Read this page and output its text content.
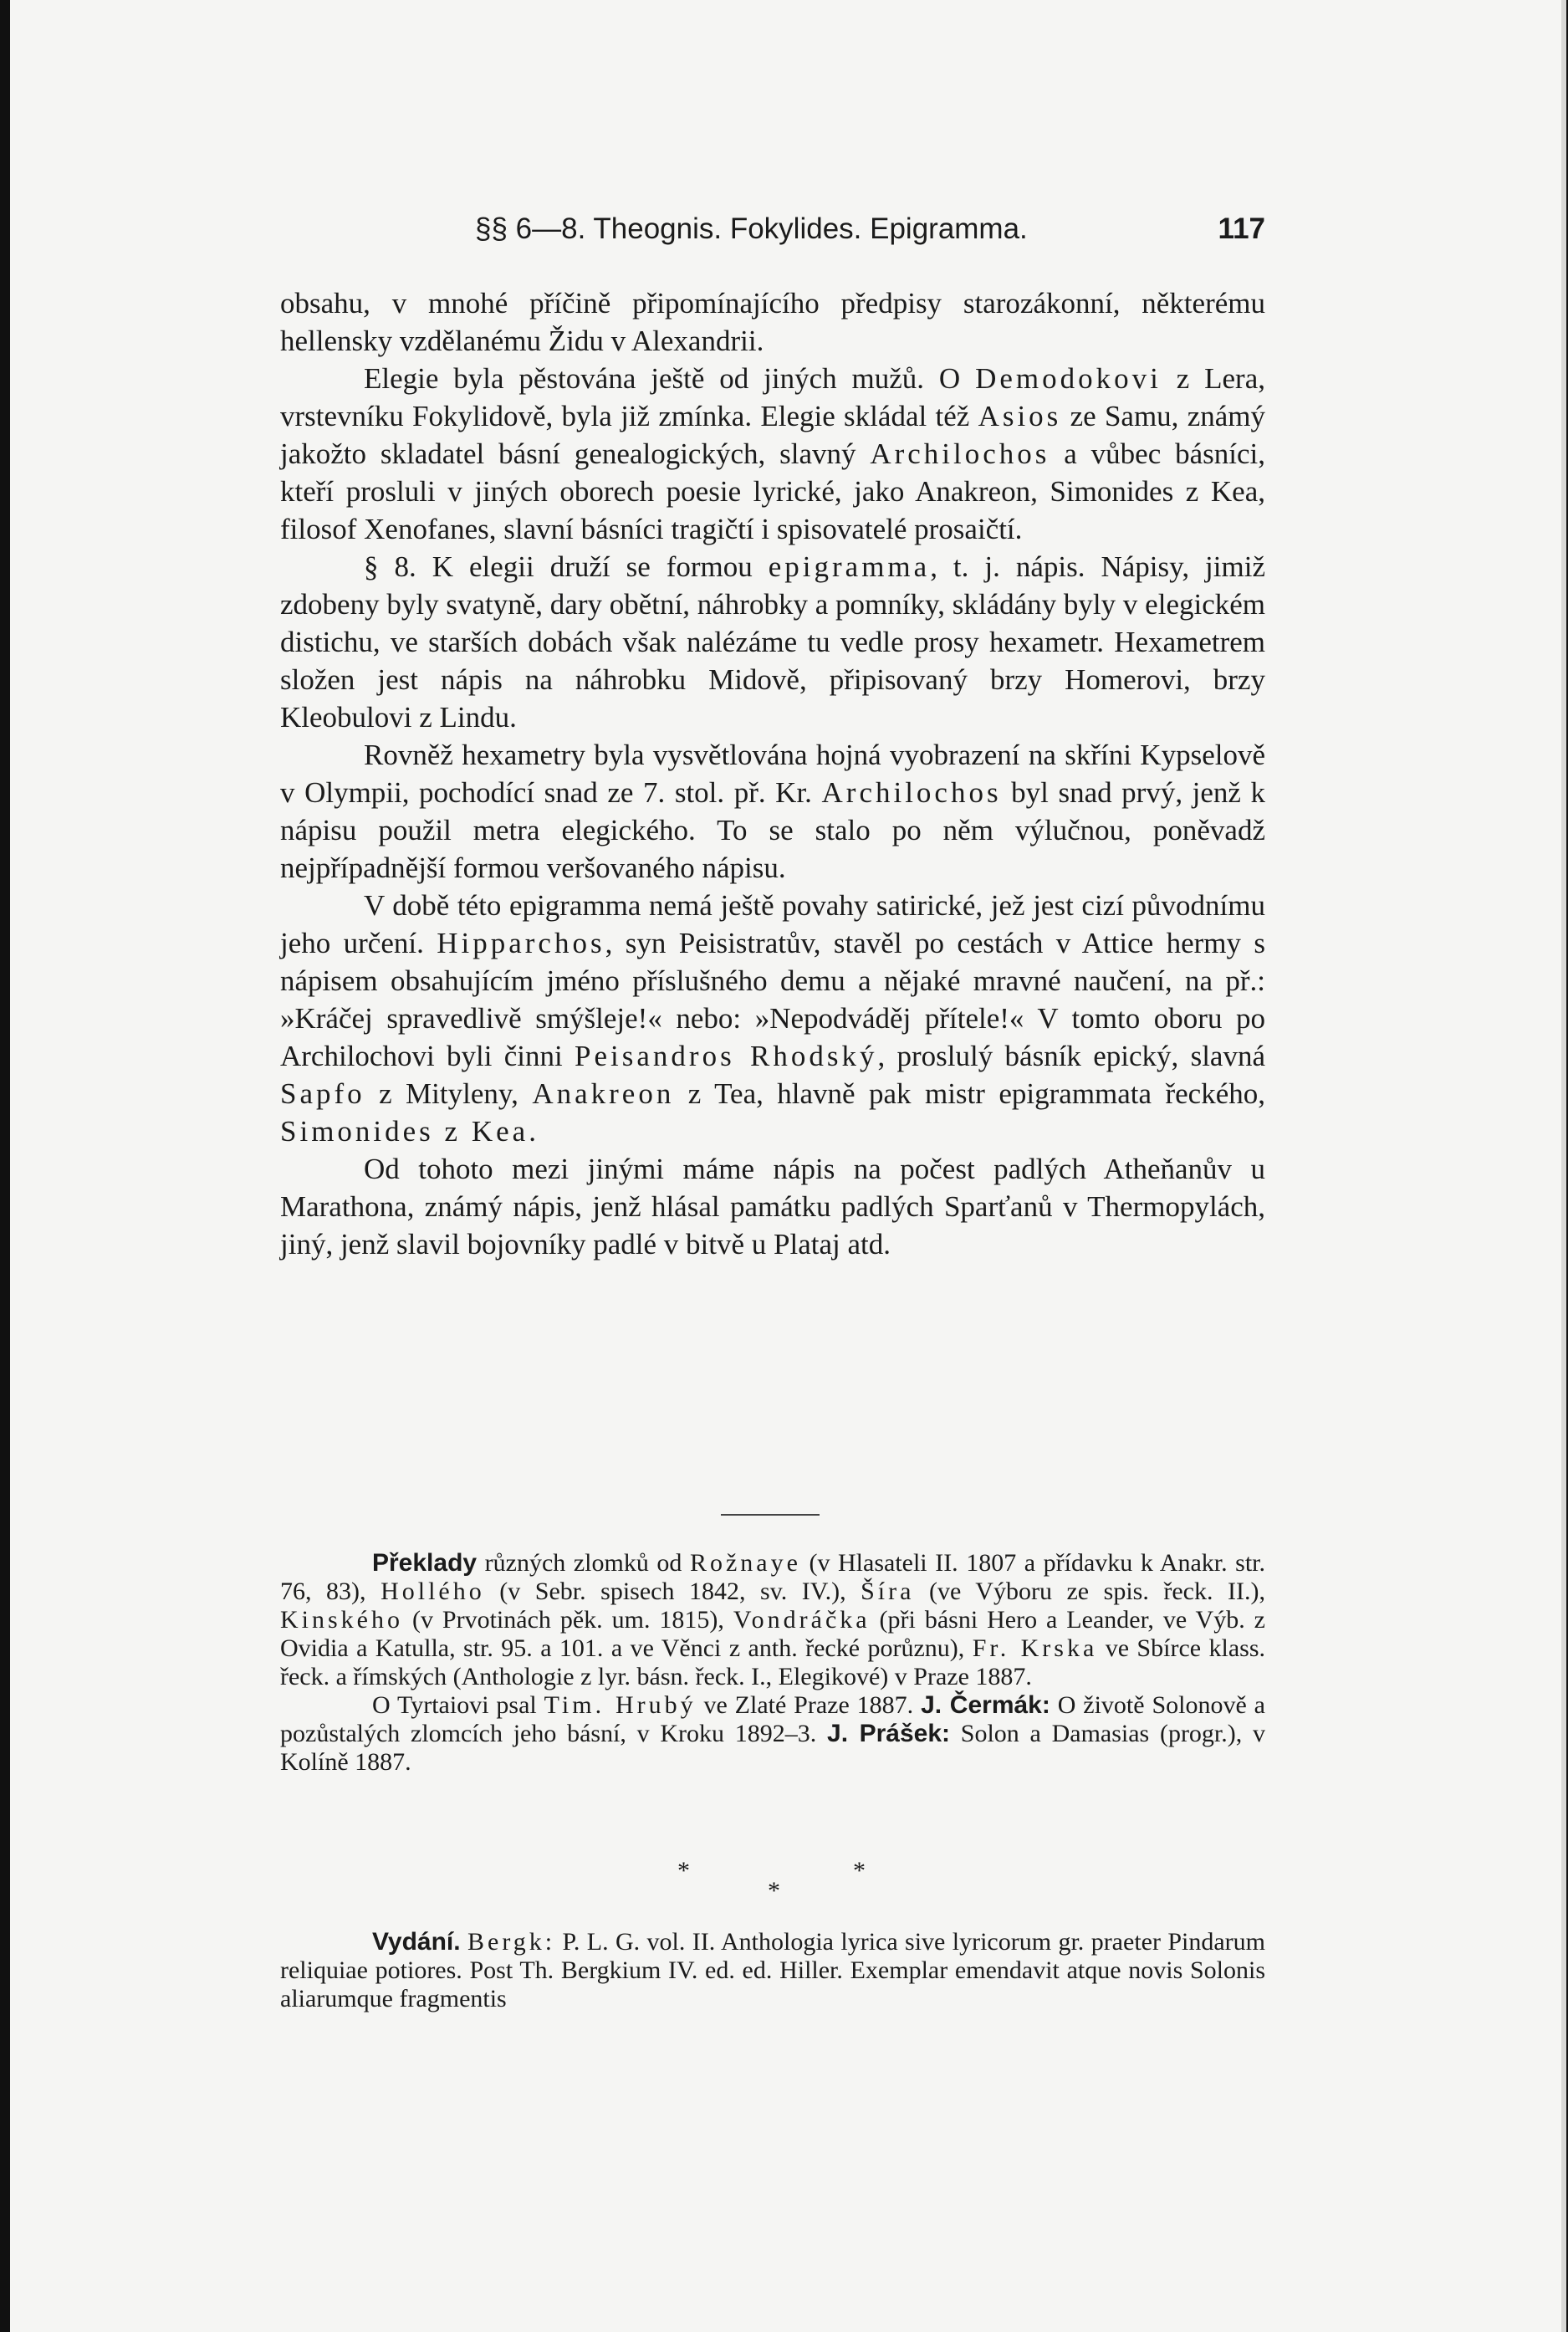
§§ 6—8. Theognis. Fokylides. Epigramma.	117

obsahu, v mnohé příčině připomínajícího předpisy starozákonní, některému hellensky vzdělanému Židu v Alexandrii.

Elegie byla pěstována ještě od jiných mužů. O Demodokovi z Lera, vrstevníku Fokylidově, byla již zmínka. Elegie skládal též Asios ze Samu, známý jakožto skladatel básní genealogických, slavný Archilochos a vůbec básníci, kteří prosluli v jiných oborech poesie lyrické, jako Anakreon, Simonides z Kea, filosof Xenofanes, slavní básníci tragičtí i spisovatelé prosaičtí.

§ 8. K elegii druží se formou epigramma, t. j. nápis. Nápisy, jimiž zdobeny byly svatyně, dary obětní, náhrobky a pomníky, skládány byly v elegickém distichu, ve starších dobách však nalézáme tu vedle prosy hexametr. Hexametrem složen jest nápis na náhrobku Midově, připisovaný brzy Homerovi, brzy Kleobulovi z Lindu.

Rovněž hexametry byla vysvětlována hojná vyobrazení na skříni Kypselově v Olympii, pochodící snad ze 7. stol. př. Kr. Archilochos byl snad prvý, jenž k nápisu použil metra elegického. To se stalo po něm výlučnou, poněvadž nejpřípadnější formou veršovaného nápisu.

V době této epigramma nemá ještě povahy satirické, jež jest cizí původnímu jeho určení. Hipparchos, syn Peisistratův, stavěl po cestách v Attice hermy s nápisem obsahujícím jméno příslušného demu a nějaké mravné naučení, na př.: »Kráčej spravedlivě smýšleje!« nebo: »Nepodváděj přítele!« V tomto oboru po Archilochovi byli činni Peisandros Rhodský, proslulý básník epický, slavná Sapfo z Mityleny, Anakreon z Tea, hlavně pak mistr epigrammata řeckého, Simonides z Kea.

Od tohoto mezi jinými máme nápis na počest padlých Atheňanův u Marathona, známý nápis, jenž hlásal památku padlých Sparťanů v Thermopylách, jiný, jenž slavil bojovníky padlé v bitvě u Plataj atd.

Překlady různých zlomků od Rožnaye (v Hlasateli II. 1807 a přídavku k Anakr. str. 76, 83), Hollého (v Sebr. spisech 1842, sv. IV.), Šíra (ve Výboru ze spis. řeck. II.), Kinského (v Prvotinách pěk. um. 1815), Vondráčka (při básni Hero a Leander, ve Výb. z Ovidia a Katulla, str. 95. a 101. a ve Věnci z anth. řecké porůznu), Fr. Krska ve Sbírce klass. řeck. a římských (Anthologie z lyr. básn. řeck. I., Elegikové) v Praze 1887.

O Tyrtaiovi psal Tim. Hrubý ve Zlaté Praze 1887. J. Čermák: O životě Solonově a pozůstalých zlomcích jeho básní, v Kroku 1892–3. J. Prášek: Solon a Damasias (progr.), v Kolíně 1887.

*
*
*

Vydání. Bergk: P. L. G. vol. II. Anthologia lyrica sive lyricorum gr. praeter Pindarum reliquiae potiores. Post Th. Bergkium IV. ed. ed. Hiller. Exemplar emendavit atque novis Solonis aliarumque fragmentis
